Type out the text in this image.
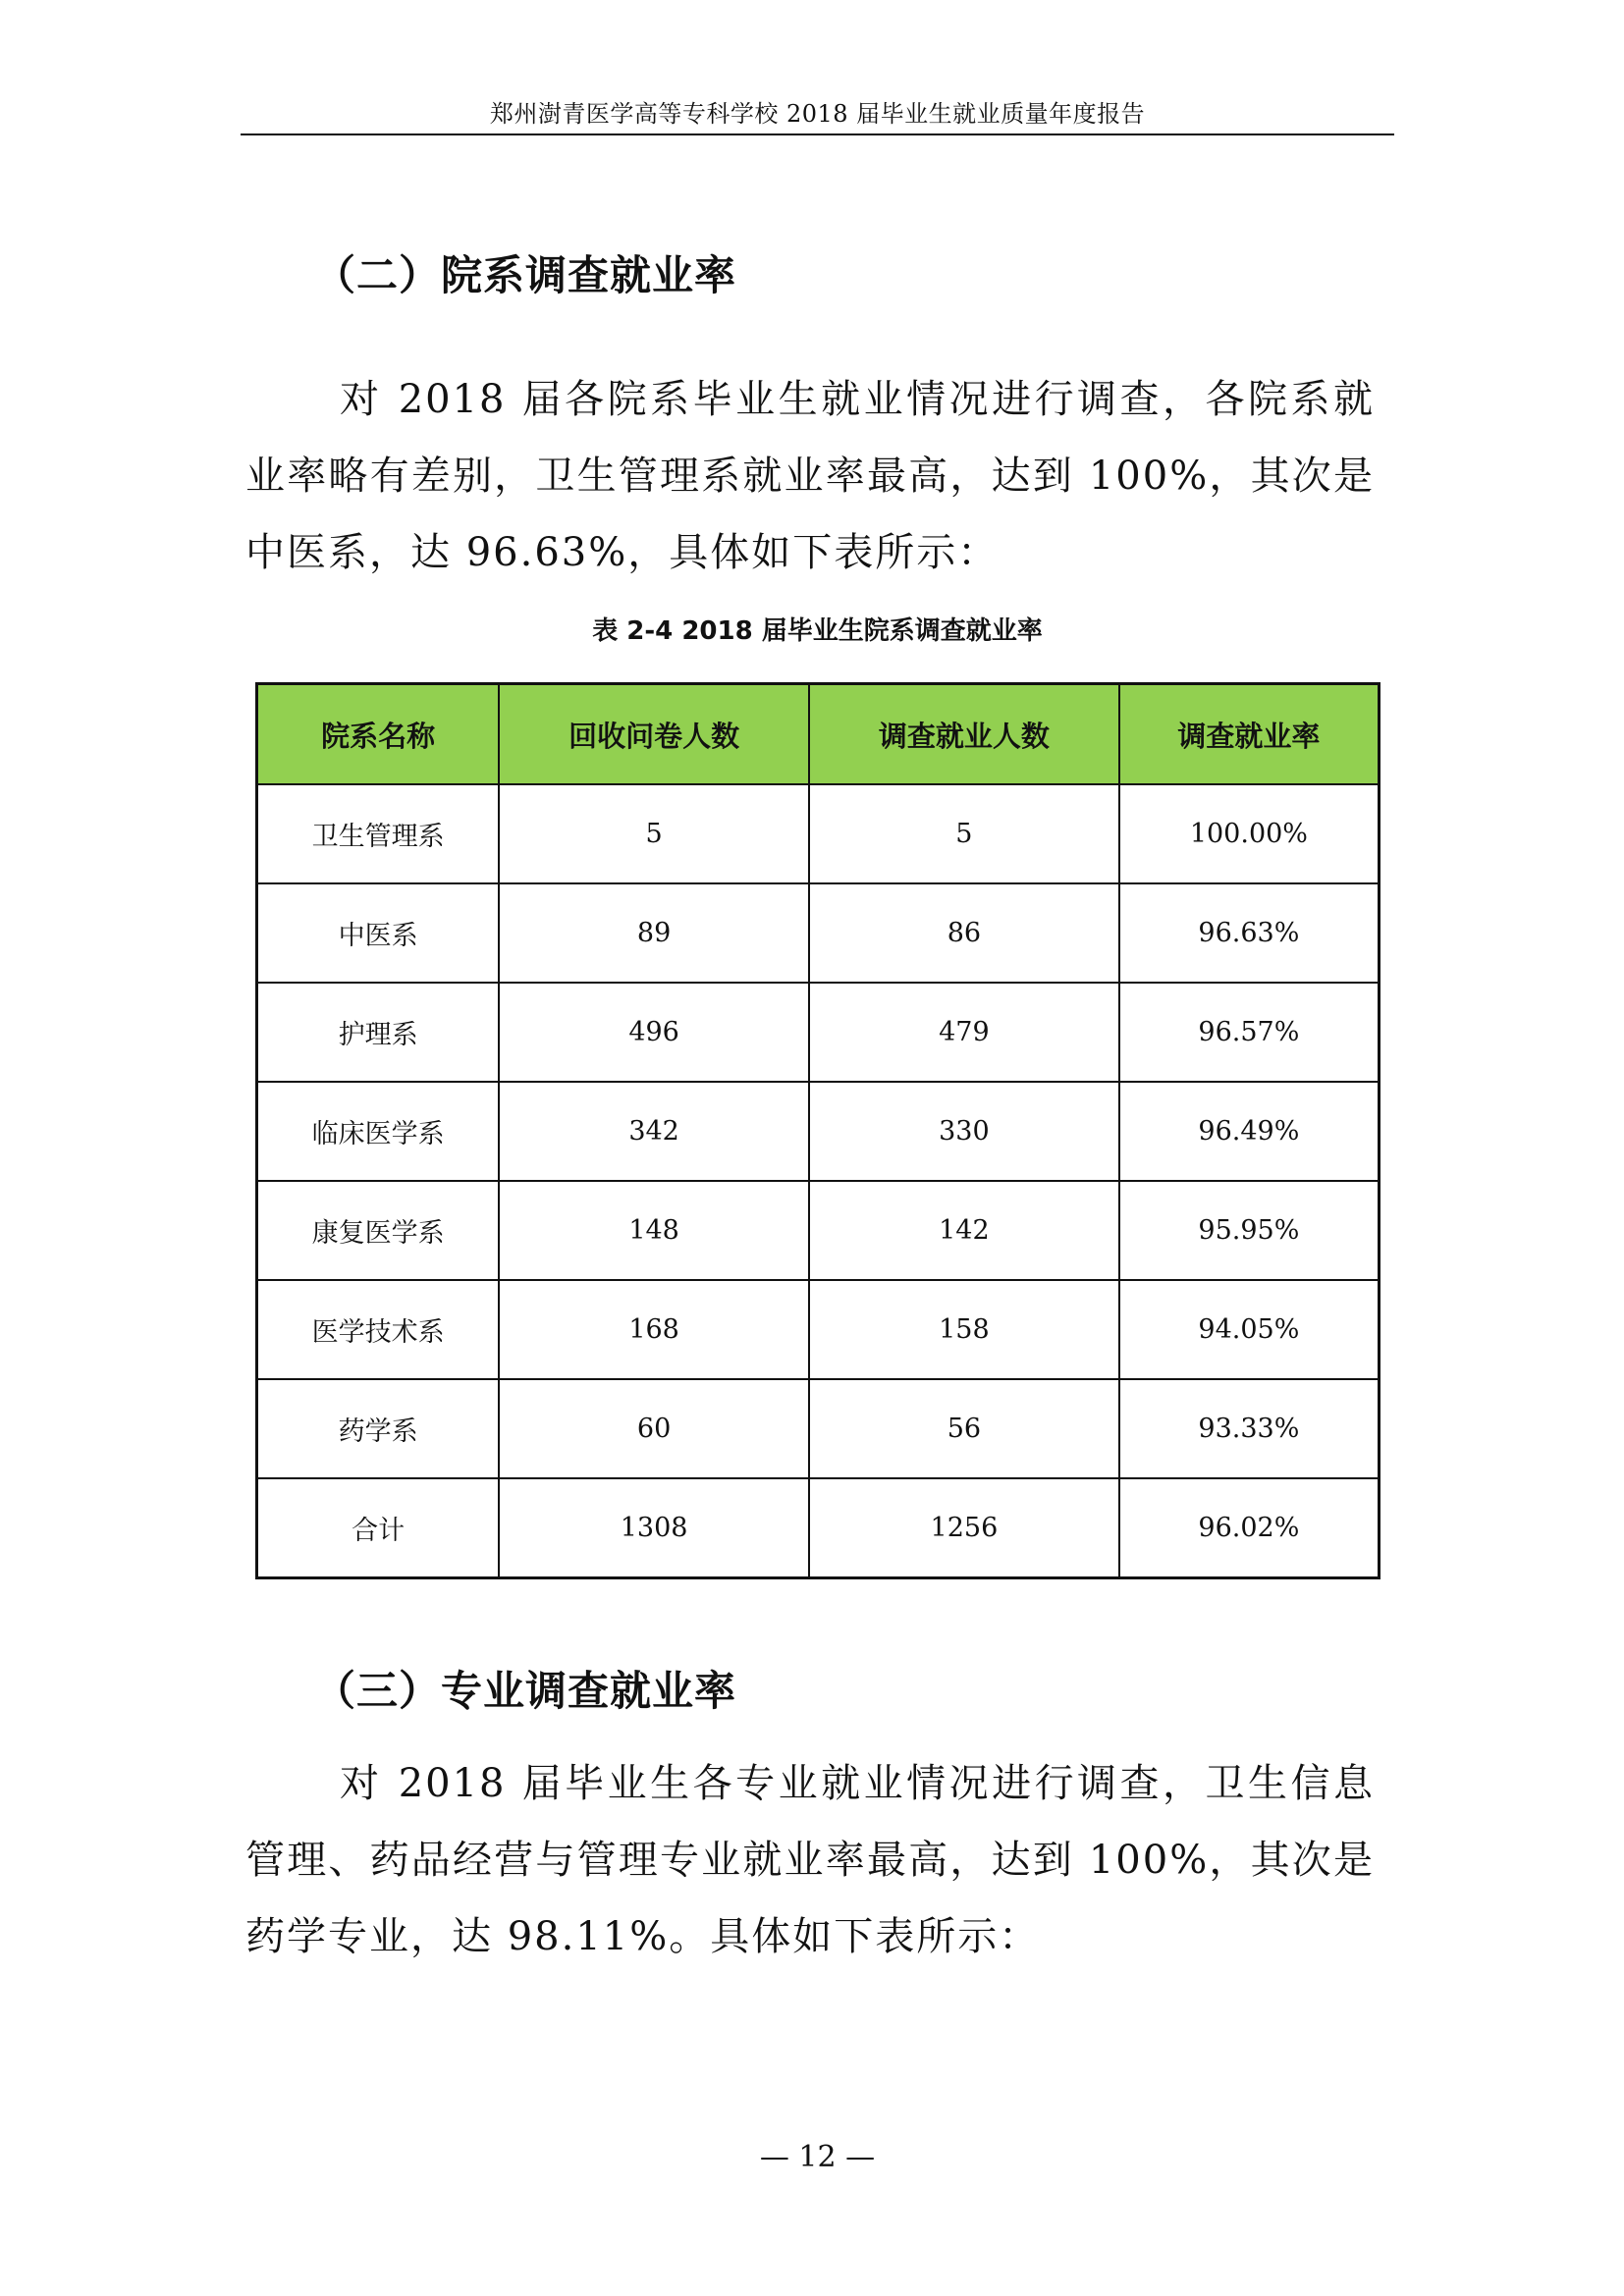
郑州澍青医学高等专科学校 2018 届毕业生就业质量年度报告
（二）院系调查就业率

对 2018 届各院系毕业生就业情况进行调查，各院系就业率略有差别，卫生管理系就业率最高，达到 100%，其次是中医系，达 96.63%，具体如下表所示：

表 2-4 2018 届毕业生院系调查就业率
院系名称	回收问卷人数	调查就业人数	调查就业率
卫生管理系	5	5	100.00%
中医系	89	86	96.63%
护理系	496	479	96.57%
临床医学系	342	330	96.49%
康复医学系	148	142	95.95%
医学技术系	168	158	94.05%
药学系	60	56	93.33%
合计	1308	1256	96.02%
（三）专业调查就业率

对 2018 届毕业生各专业就业情况进行调查，卫生信息管理、药品经营与管理专业就业率最高，达到 100%，其次是药学专业，达 98.11%。具体如下表所示：

— 12 —
